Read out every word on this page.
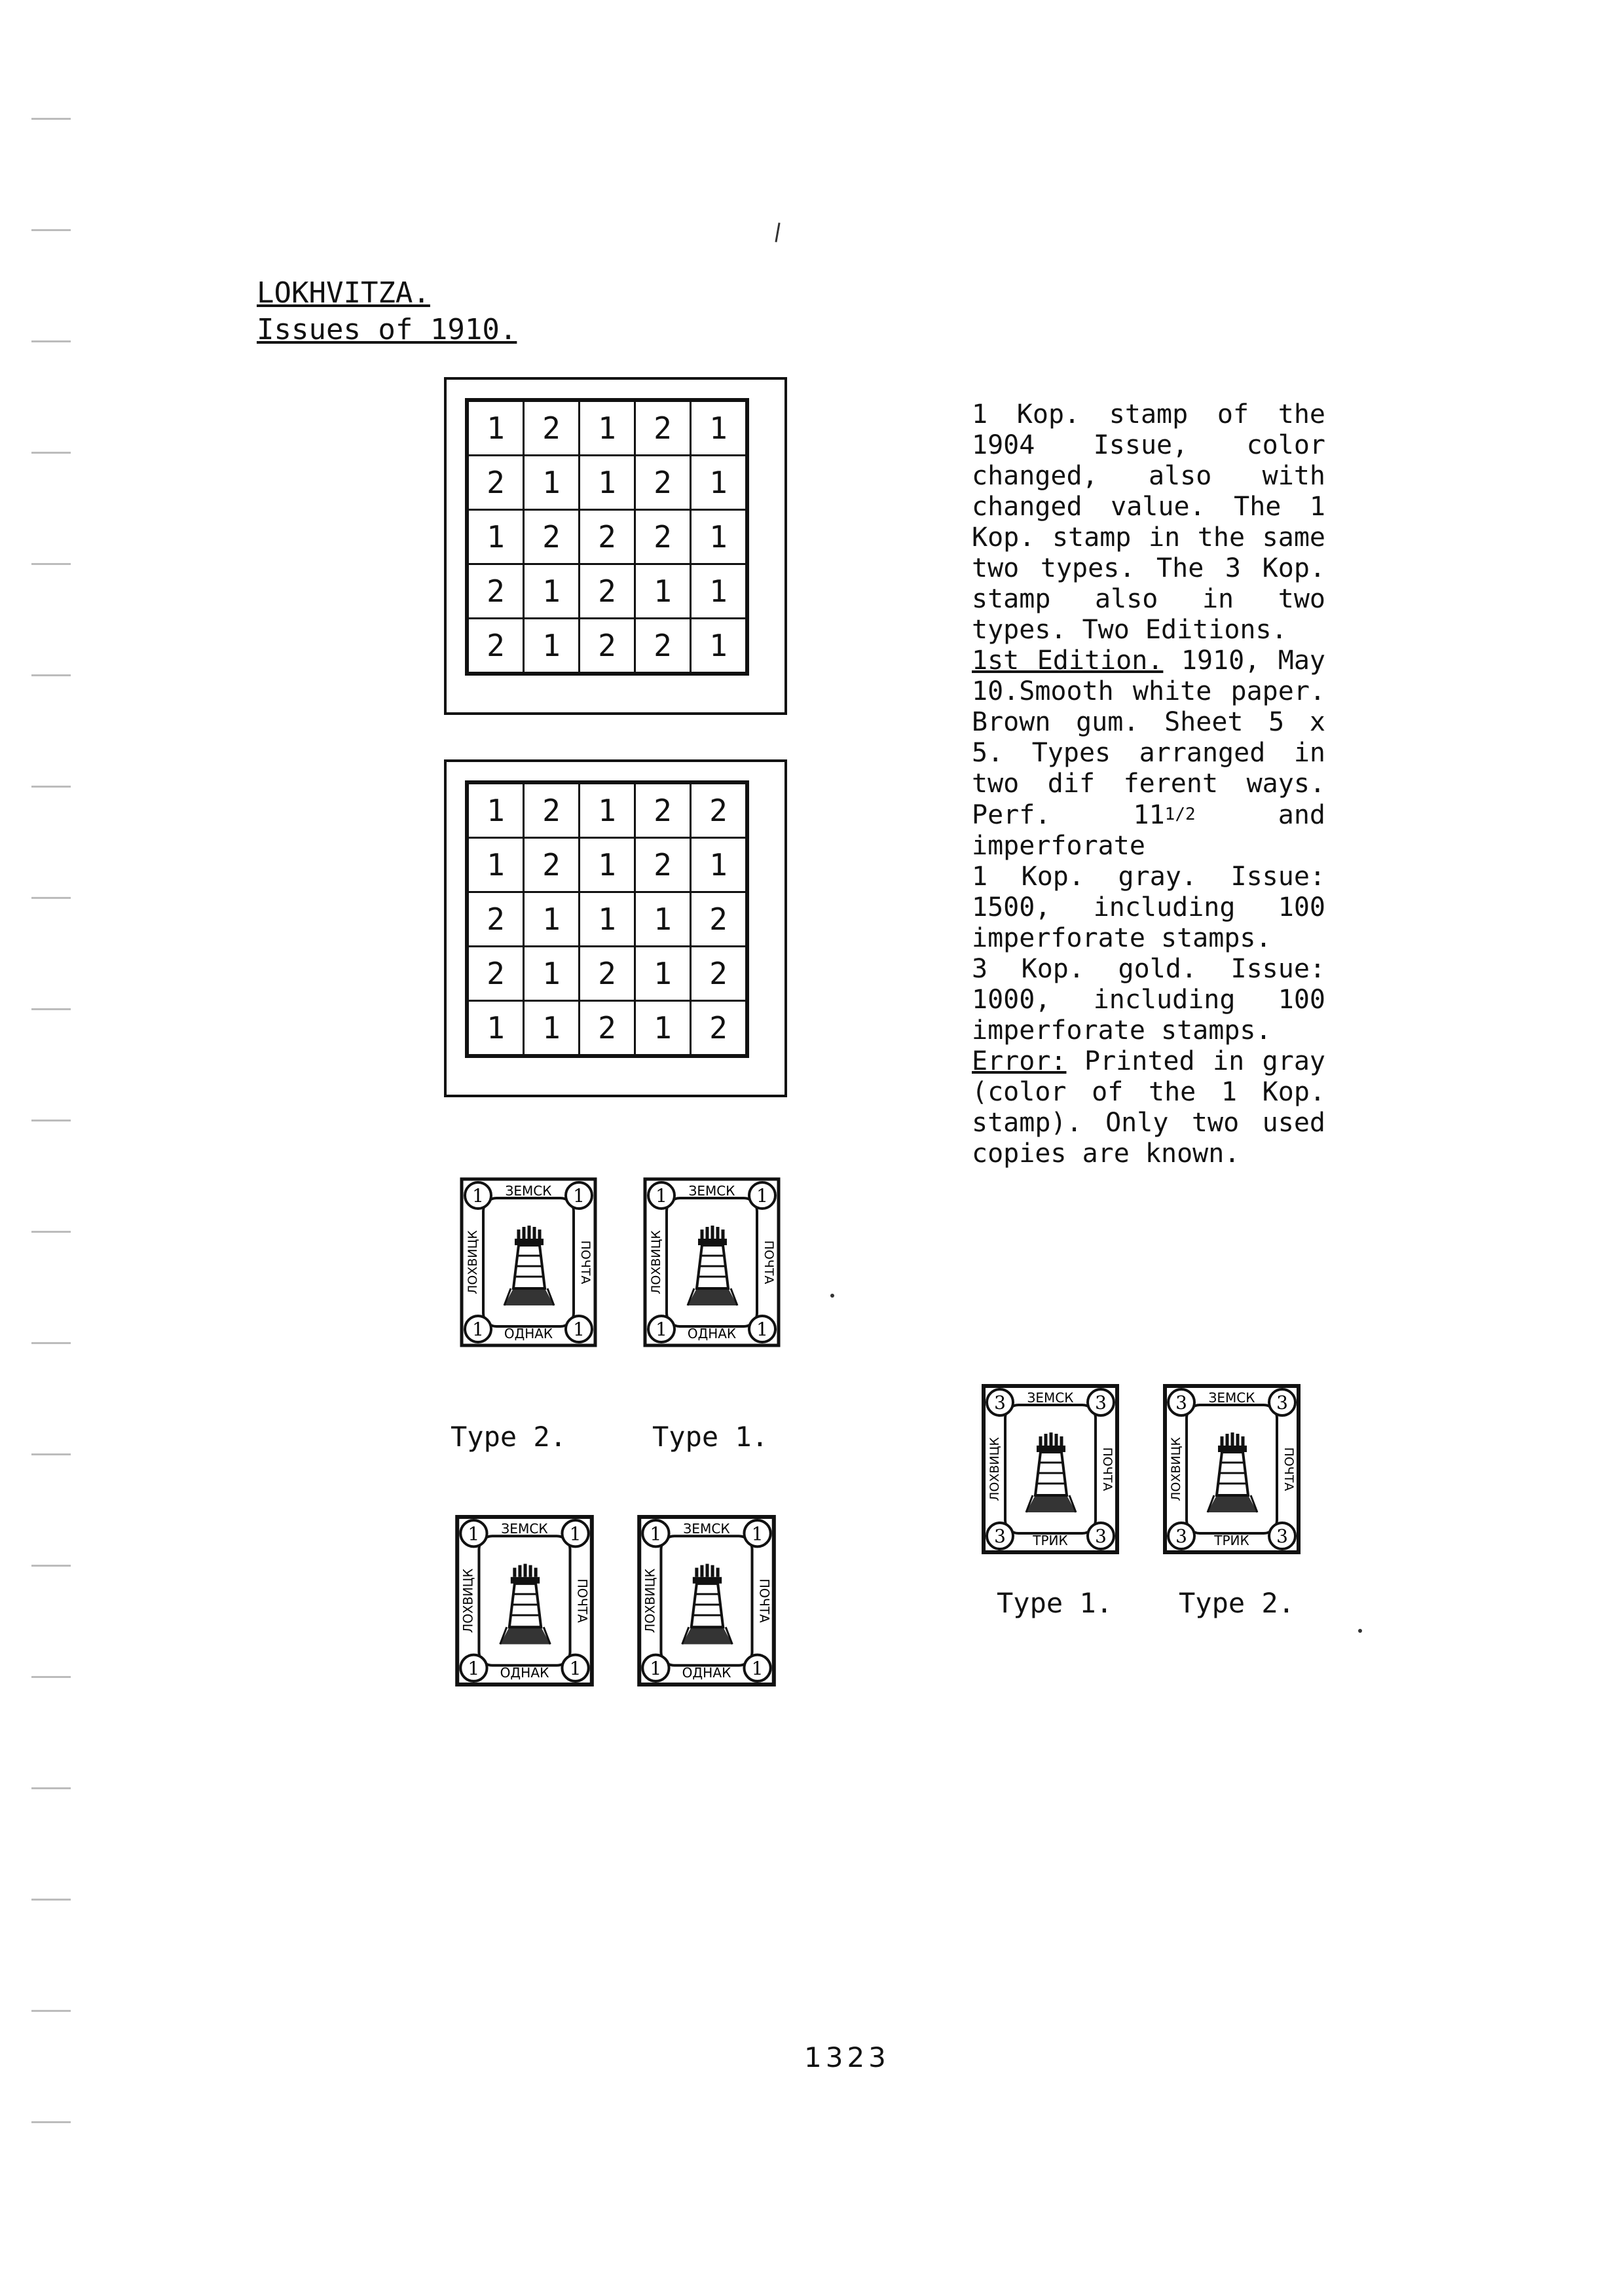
LOKHVITZA.
Issues of 1910.
1	2	1	2	1
2	1	1	2	1
1	2	2	2	1
2	1	2	1	1
2	1	2	2	1
1	2	1	2	2
1	2	1	2	1
2	1	1	1	2
2	1	2	1	2
1	1	2	1	2

1 Kop. stamp of the 1904 Issue, color changed, also with changed value. The 1 Kop. stamp in the same two types. The 3 Kop. stamp also in two types. Two Editions.

1st Edition. 1910, May 10.Smooth white paper. Brown gum. Sheet 5 x 5. Types arranged in two dif ferent ways. Perf. 111/2	and imperforate

1 Kop. gray. Issue: 1500, including 100 imperforate stamps.

3 Kop. gold. Issue: 1000, including 100 imperforate stamps.

Error: Printed in gray (color of the 1 Kop. stamp). Only two used copies are known.

1	1
1	1
ЗЕМСК
ОДНАК
ЛОХВИЦК	ПОЧТА
1	1
1	1
ЗЕМСК
ОДНАК
ЛОХВИЦК	ПОЧТА
Type 2.	Type 1.
1	1
1	1
ЗЕМСК
ОДНАК
ЛОХВИЦК	ПОЧТА
1	1
1	1
ЗЕМСК
ОДНАК
ЛОХВИЦК	ПОЧТА
3	3
3	3
ЗЕМСК
ТРИК
ЛОХВИЦК	ПОЧТА
3	3
3	3
ЗЕМСК
ТРИК
ЛОХВИЦК	ПОЧТА
Type 1. Type 2.
1323
